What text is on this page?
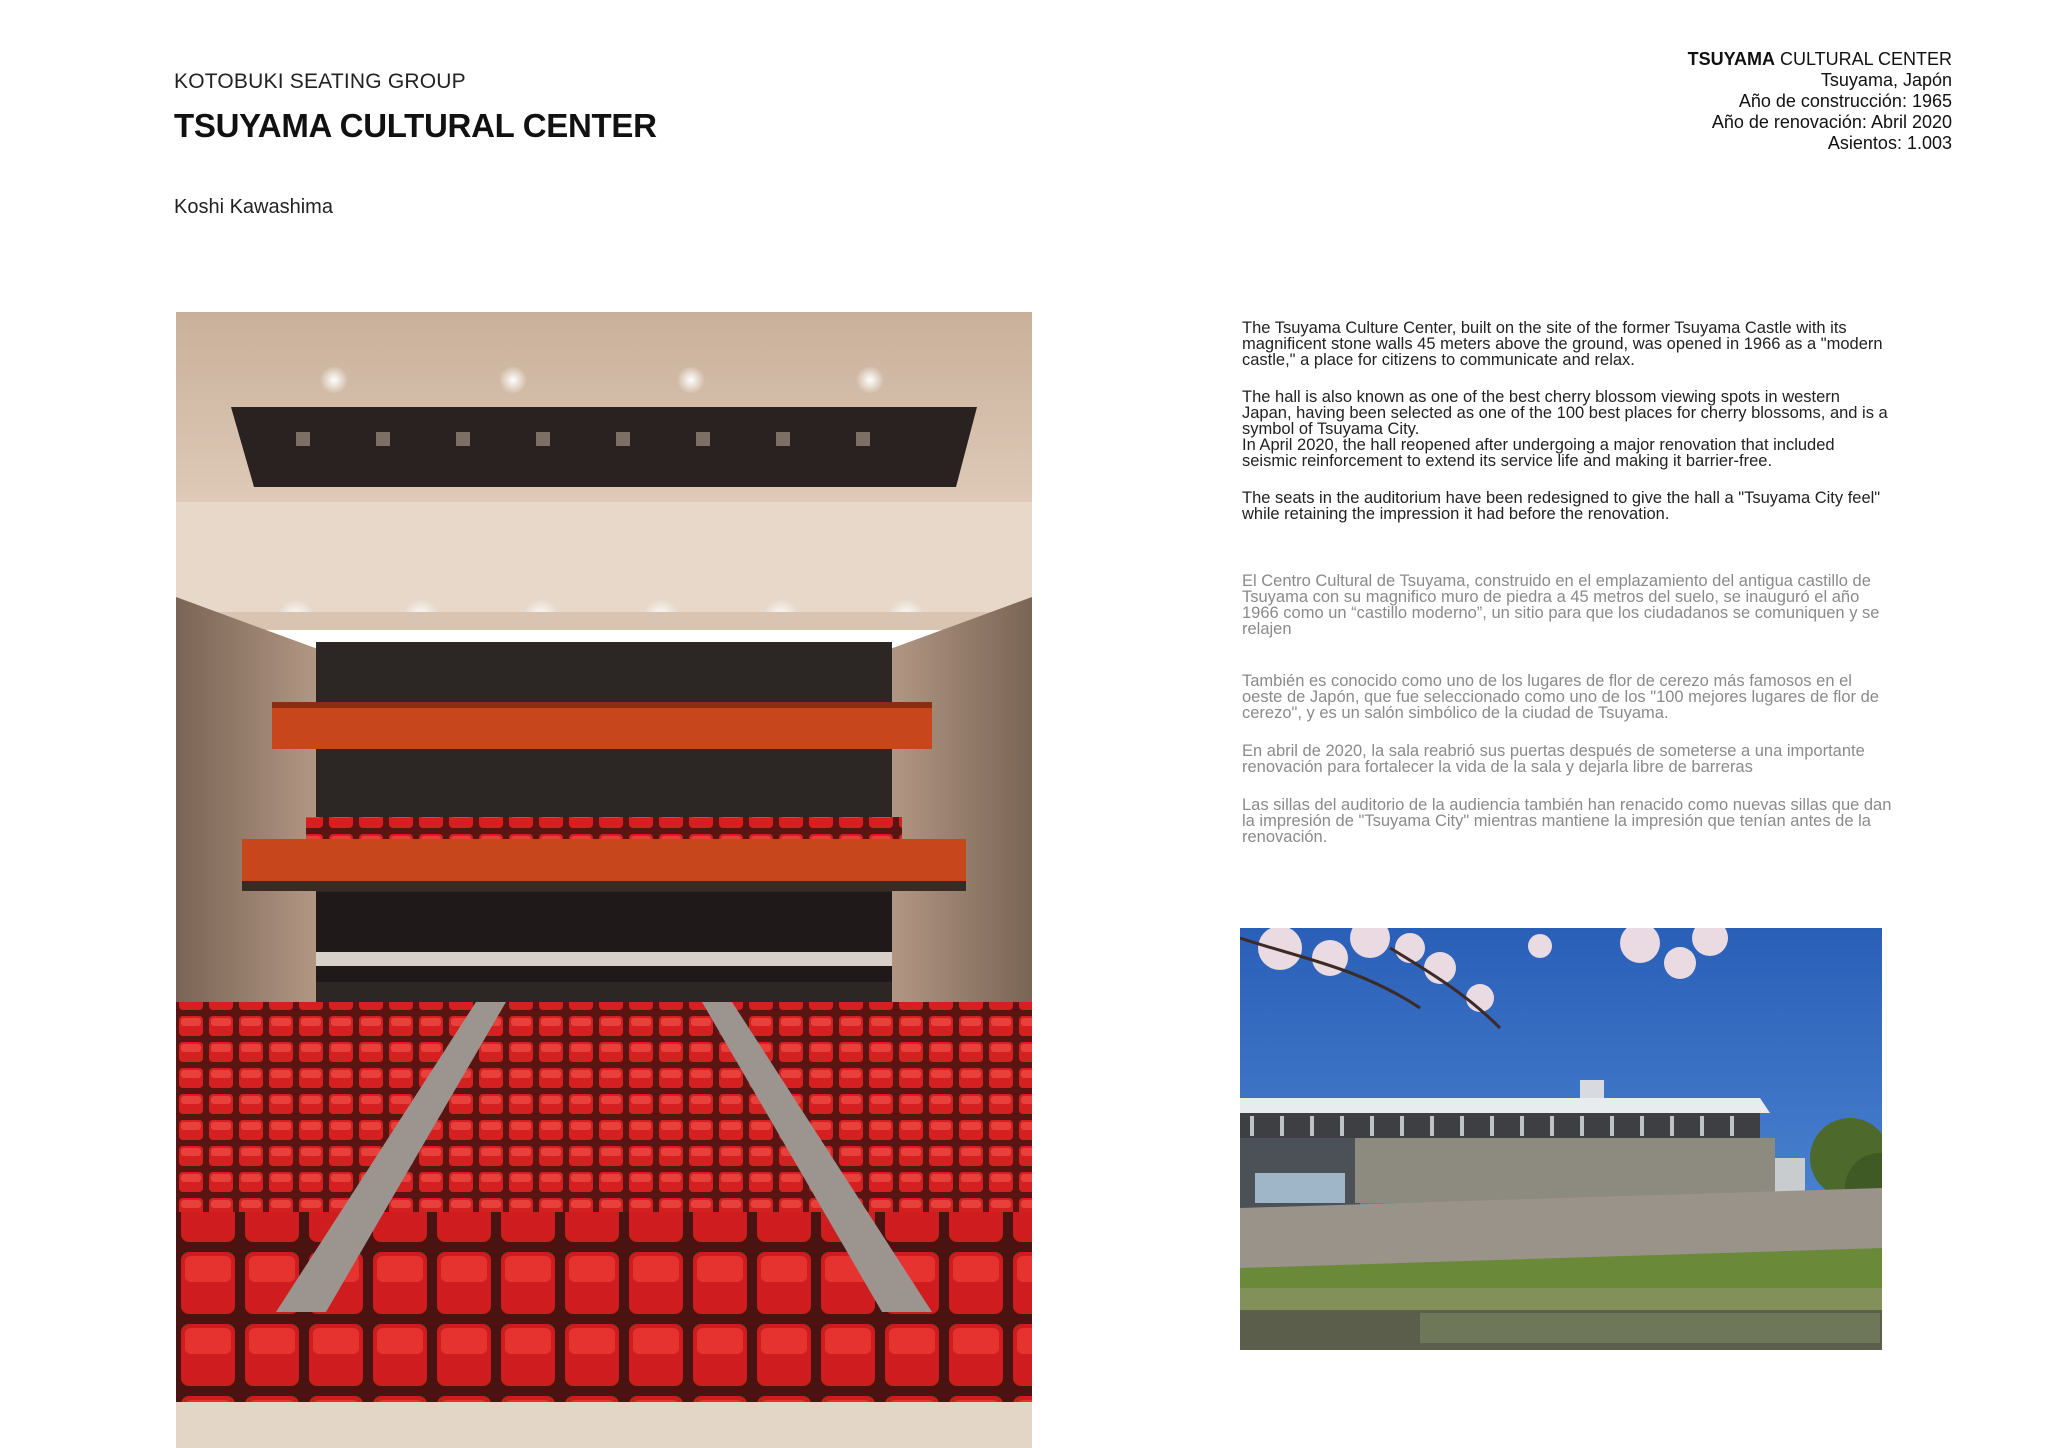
KOTOBUKI SEATING GROUP
TSUYAMA CULTURAL CENTER
Koshi Kawashima
TSUYAMA CULTURAL CENTER
Tsuyama, Japón
Año de construcción: 1965
Año de renovación: Abril 2020
Asientos: 1.003

The Tsuyama Culture Center, built on the site of the former Tsuyama Castle with its magnificent stone walls 45 meters above the ground, was opened in 1966 as a "modern castle," a place for citizens to communicate and relax.

The hall is also known as one of the best cherry blossom viewing spots in western Japan, having been selected as one of the 100 best places for cherry blossoms, and is a symbol of Tsuyama City.

In April 2020, the hall reopened after undergoing a major renovation that included seismic reinforcement to extend its service life and making it barrier-free.

The seats in the auditorium have been redesigned to give the hall a "Tsuyama City feel" while retaining the impression it had before the renovation.

El Centro Cultural de Tsuyama, construido en el emplazamiento del antigua castillo de Tsuyama con su magnifico muro de piedra a 45 metros del suelo, se inauguró el año 1966 como un “castillo moderno”, un sitio para que los ciudadanos se comuniquen y se relajen

También es conocido como uno de los lugares de flor de cerezo más famosos en el oeste de Japón, que fue seleccionado como uno de los "100 mejores lugares de flor de cerezo", y es un salón simbólico de la ciudad de Tsuyama.

En abril de 2020, la sala reabrió sus puertas después de someterse a una importante renovación para fortalecer la vida de la sala y dejarla libre de barreras

Las sillas del auditorio de la audiencia también han renacido como nuevas sillas que dan la impresión de "Tsuyama City" mientras mantiene la impresión que tenían antes de la renovación.
